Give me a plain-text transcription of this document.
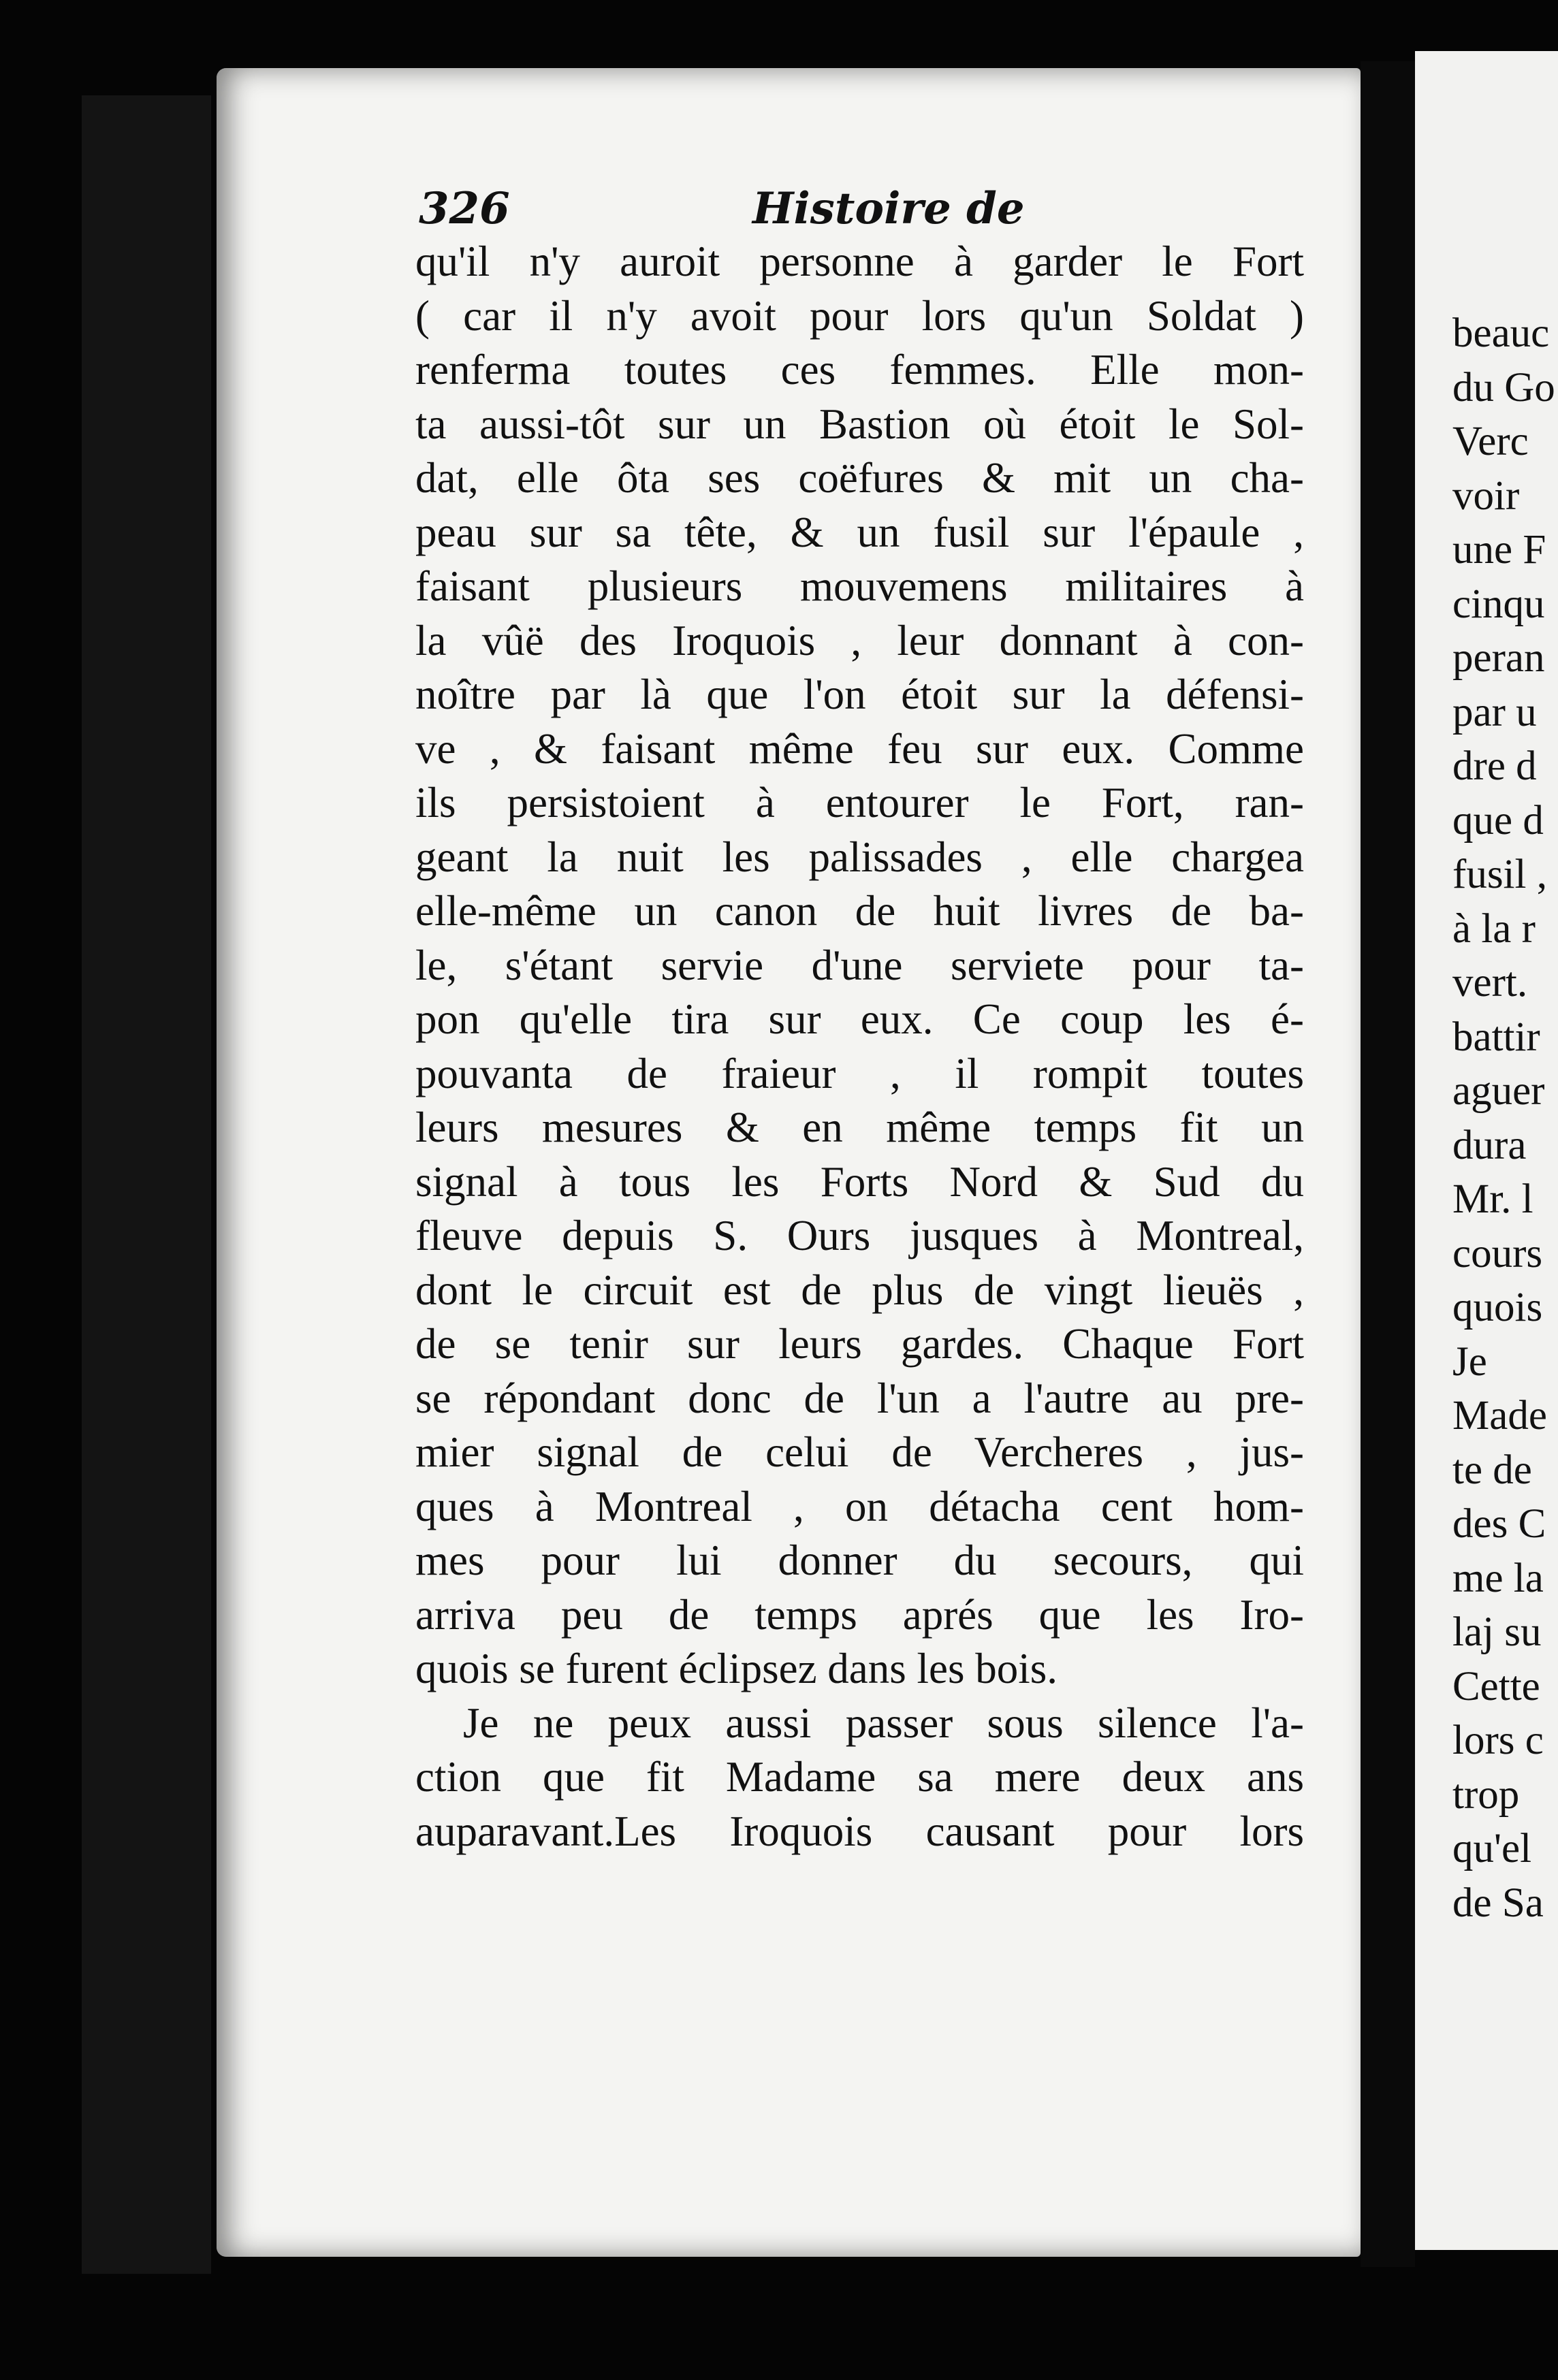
326	Histoire de
qu'il n'y auroit personne à garder le Fort
( car il n'y avoit pour lors qu'un Soldat )
renferma toutes ces femmes. Elle mon-
ta aussi-tôt sur un Bastion où étoit le Sol-
dat, elle ôta ses coëfures & mit un cha-
peau sur sa tête, & un fusil sur l'épaule ,
faisant plusieurs mouvemens militaires à
la vûë des Iroquois , leur donnant à con-
noître par là que l'on étoit sur la défensi-
ve , & faisant même feu sur eux. Comme
ils persistoient à entourer le Fort, ran-
geant la nuit les palissades , elle chargea
elle-même un canon de huit livres de ba-
le, s'étant servie d'une serviete pour ta-
pon qu'elle tira sur eux. Ce coup les é-
pouvanta de fraieur , il rompit toutes
leurs mesures & en même temps fit un
signal à tous les Forts Nord & Sud du
fleuve depuis S. Ours jusques à Montreal,
dont le circuit est de plus de vingt lieuës ,
de se tenir sur leurs gardes. Chaque Fort
se répondant donc de l'un a l'autre au pre-
mier signal de celui de Vercheres , jus-
ques à Montreal , on détacha cent hom-
mes pour lui donner du secours, qui
arriva peu de temps aprés que les Iro-
quois se furent éclipsez dans les bois.
Je ne peux aussi passer sous silence l'a-
ction que fit Madame sa mere deux ans
auparavant.Les Iroquois causant pour lors
beauc
du Go
Verc
voir
une F
cinqu
peran
par u
dre d
que d
fusil ,
à la r
vert.
battir
aguer
dura
Mr. l
cours
quois
Je
Made
te de
des C
me la
laj su
Cette
lors c
trop
qu'el
de Sa
